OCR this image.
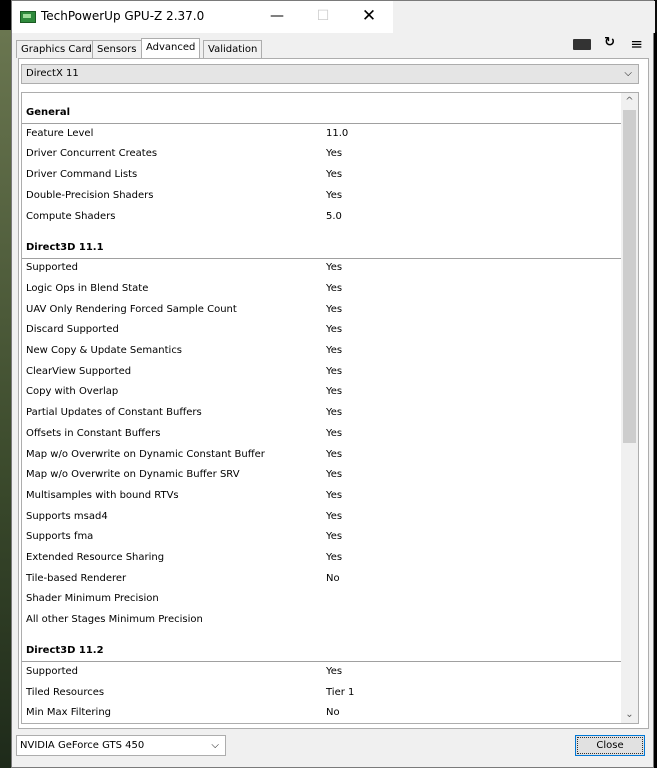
TechPowerUp GPU-Z 2.37.0	—	☐	✕
Graphics Card Sensors Advanced	Validation	↻ ≡
DirectX 11	⌵
General
Feature Level	11.0
Driver Concurrent Creates	Yes
Driver Command Lists	Yes
Double-Precision Shaders	Yes
Compute Shaders	5.0
Direct3D 11.1
Supported	Yes
Logic Ops in Blend State	Yes
UAV Only Rendering Forced Sample Count	Yes
Discard Supported	Yes
New Copy & Update Semantics	Yes
ClearView Supported	Yes
Copy with Overlap	Yes
Partial Updates of Constant Buffers	Yes
Offsets in Constant Buffers	Yes
Map w/o Overwrite on Dynamic Constant Buffer	Yes
Map w/o Overwrite on Dynamic Buffer SRV	Yes
Multisamples with bound RTVs	Yes
Supports msad4	Yes
Supports fma	Yes
Extended Resource Sharing	Yes
Tile-based Renderer	No
Shader Minimum Precision
All other Stages Minimum Precision
Direct3D 11.2
Supported	Yes
Tiled Resources	Tier 1
Min Max Filtering	No
^
⌄
NVIDIA GeForce GTS 450	⌵	Close
